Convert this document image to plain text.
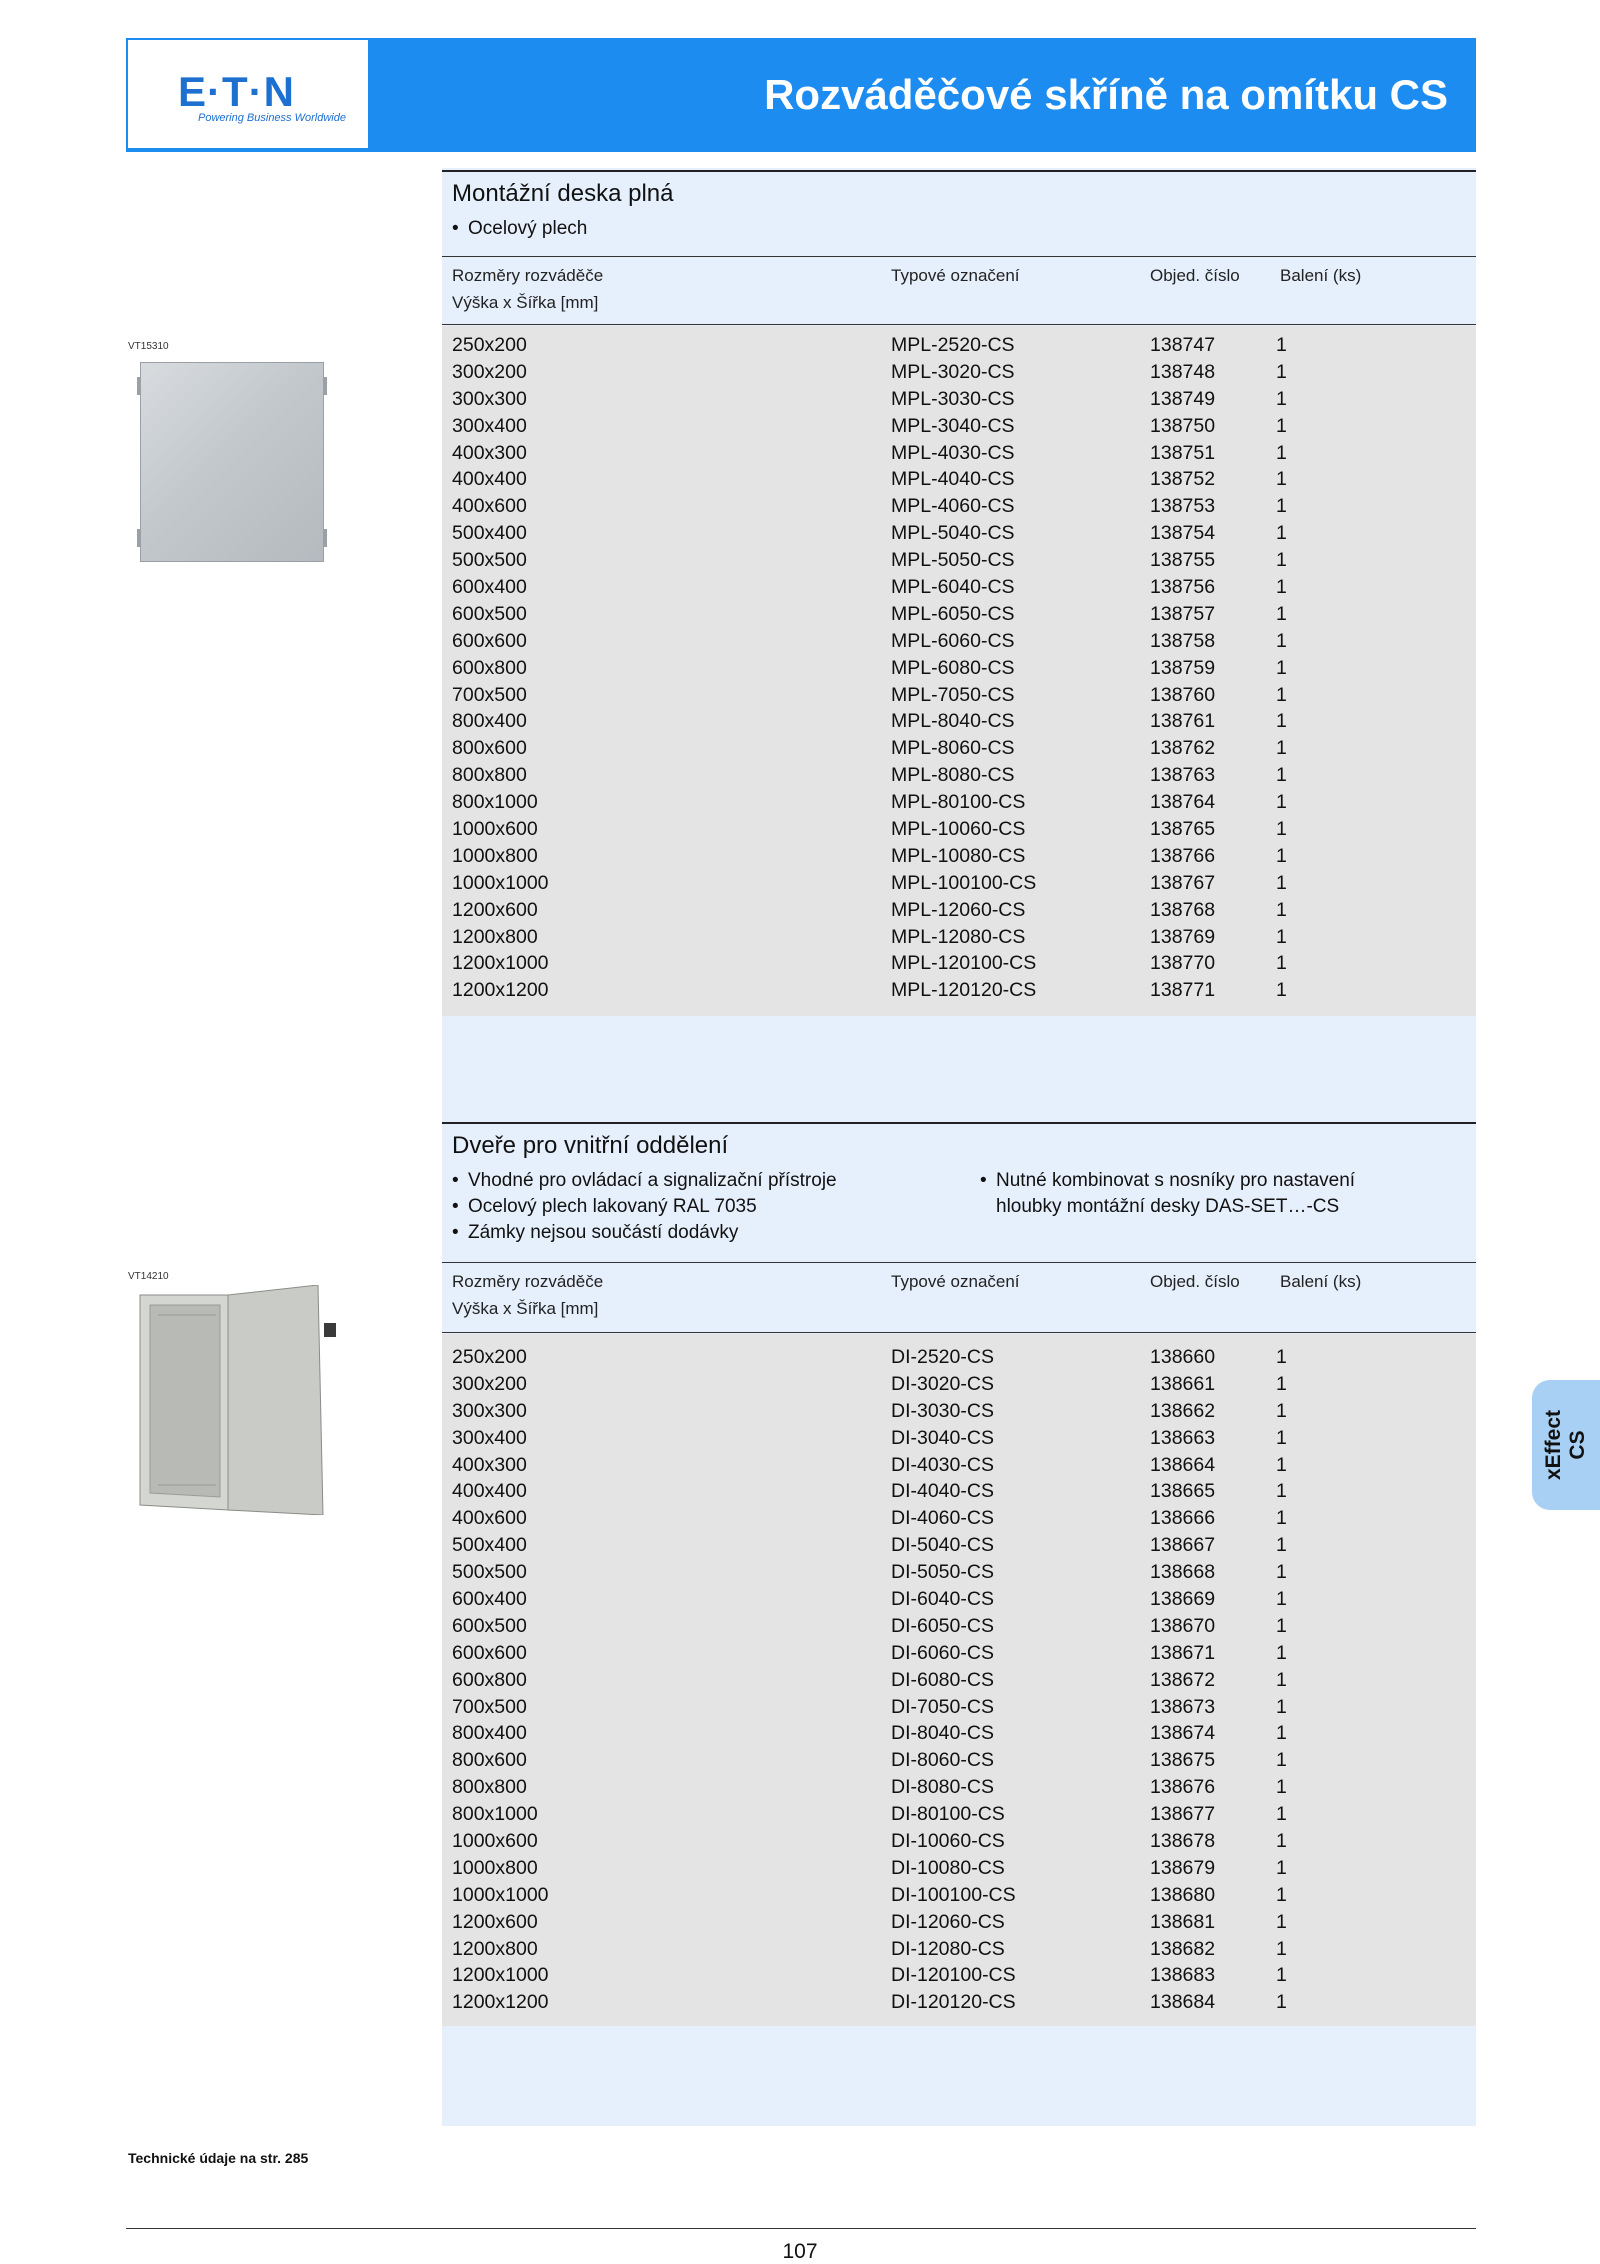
E·T·N
Powering Business Worldwide	Rozváděčové skříně na omítku CS
Montážní deska plná
• Ocelový plech
Rozměry rozváděče
Výška x Šířka [mm]
Typové označení	Objed. číslo Balení (ks)
250x200	MPL-2520-CS	138747	1
300x200	MPL-3020-CS	138748	1
300x300	MPL-3030-CS	138749	1
300x400	MPL-3040-CS	138750	1
400x300	MPL-4030-CS	138751	1
400x400	MPL-4040-CS	138752	1
400x600	MPL-4060-CS	138753	1
500x400	MPL-5040-CS	138754	1
500x500	MPL-5050-CS	138755	1
600x400	MPL-6040-CS	138756	1
600x500	MPL-6050-CS	138757	1
600x600	MPL-6060-CS	138758	1
600x800	MPL-6080-CS	138759	1
700x500	MPL-7050-CS	138760	1
800x400	MPL-8040-CS	138761	1
800x600	MPL-8060-CS	138762	1
800x800	MPL-8080-CS	138763	1
800x1000	MPL-80100-CS	138764	1
1000x600	MPL-10060-CS	138765	1
1000x800	MPL-10080-CS	138766	1
1000x1000	MPL-100100-CS	138767	1
1200x600	MPL-12060-CS	138768	1
1200x800	MPL-12080-CS	138769	1
1200x1000	MPL-120100-CS	138770	1
1200x1200	MPL-120120-CS	138771	1
VT15310
Dveře pro vnitřní oddělení
• Vhodné pro ovládací a signalizační přístroje
• Ocelový plech lakovaný RAL 7035
• Zámky nejsou součástí dodávky
• Nutné kombinovat s nosníky pro nastavení
hloubky montážní desky DAS-SET…-CS
Rozměry rozváděče
Výška x Šířka [mm]
Typové označení	Objed. číslo Balení (ks)
250x200	DI-2520-CS	138660	1
300x200	DI-3020-CS	138661	1
300x300	DI-3030-CS	138662	1
300x400	DI-3040-CS	138663	1
400x300	DI-4030-CS	138664	1
400x400	DI-4040-CS	138665	1
400x600	DI-4060-CS	138666	1
500x400	DI-5040-CS	138667	1
500x500	DI-5050-CS	138668	1
600x400	DI-6040-CS	138669	1
600x500	DI-6050-CS	138670	1
600x600	DI-6060-CS	138671	1
600x800	DI-6080-CS	138672	1
700x500	DI-7050-CS	138673	1
800x400	DI-8040-CS	138674	1
800x600	DI-8060-CS	138675	1
800x800	DI-8080-CS	138676	1
800x1000	DI-80100-CS	138677	1
1000x600	DI-10060-CS	138678	1
1000x800	DI-10080-CS	138679	1
1000x1000	DI-100100-CS	138680	1
1200x600	DI-12060-CS	138681	1
1200x800	DI-12080-CS	138682	1
1200x1000	DI-120100-CS	138683	1
1200x1200	DI-120120-CS	138684	1
VT14210
xEffect
CS
Technické údaje na str. 285
107
